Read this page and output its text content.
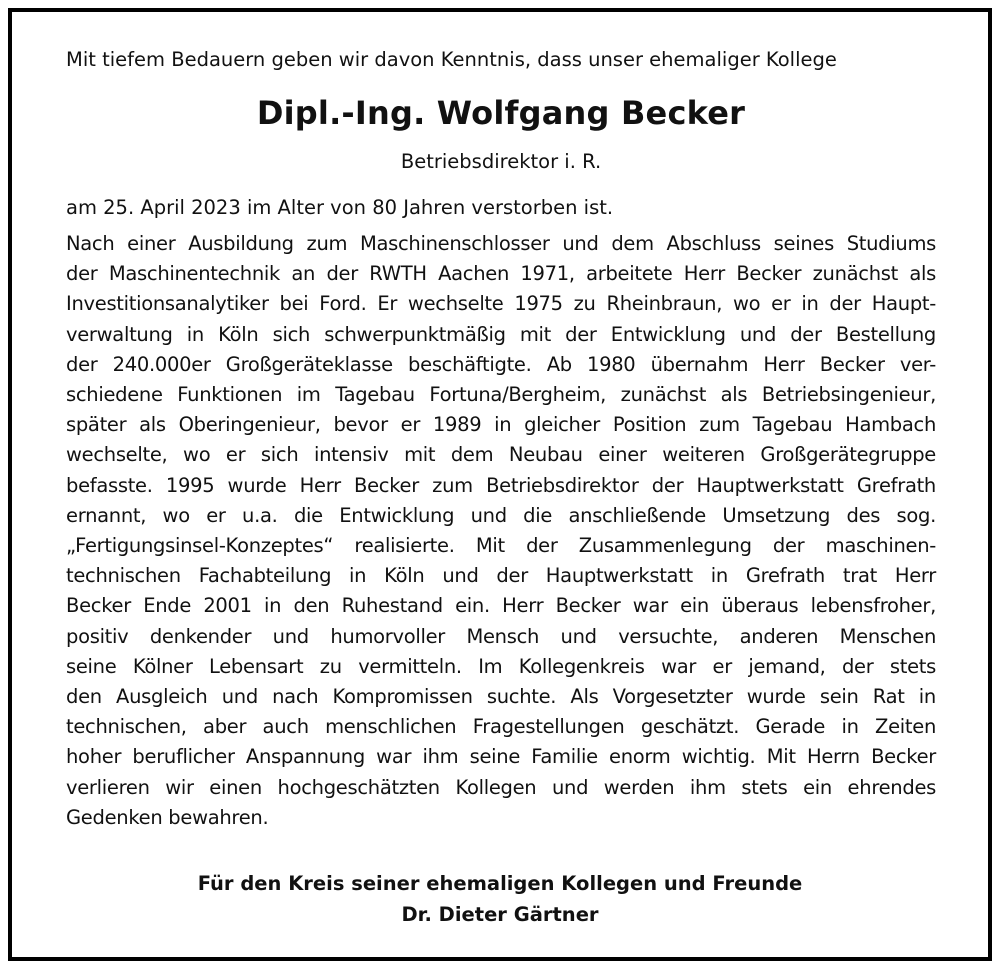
Mit tiefem Bedauern geben wir davon Kenntnis, dass unser ehemaliger Kollege

Dipl.-Ing. Wolfgang Becker

Betriebsdirektor i. R.

am 25. April 2023 im Alter von 80 Jahren verstorben ist.

Nach einer Ausbildung zum Maschinenschlosser und dem Abschluss seines Studiums
der Maschinentechnik an der RWTH Aachen 1971, arbeitete Herr Becker zunächst als
Investitionsanalytiker bei Ford. Er wechselte 1975 zu Rheinbraun, wo er in der Haupt-
verwaltung in Köln sich schwerpunktmäßig mit der Entwicklung und der Bestellung
der 240.000er Großgeräteklasse beschäftigte. Ab 1980 übernahm Herr Becker ver-
schiedene Funktionen im Tagebau Fortuna/Bergheim, zunächst als Betriebsingenieur,
später als Oberingenieur, bevor er 1989 in gleicher Position zum Tagebau Hambach
wechselte, wo er sich intensiv mit dem Neubau einer weiteren Großgerätegruppe
befasste. 1995 wurde Herr Becker zum Betriebsdirektor der Hauptwerkstatt Grefrath
ernannt, wo er u.a. die Entwicklung und die anschließende Umsetzung des sog.
„Fertigungsinsel-Konzeptes“ realisierte. Mit der Zusammenlegung der maschinen-
technischen Fachabteilung in Köln und der Hauptwerkstatt in Grefrath trat Herr
Becker Ende 2001 in den Ruhestand ein. Herr Becker war ein überaus lebensfroher,
positiv denkender und humorvoller Mensch und versuchte, anderen Menschen
seine Kölner Lebensart zu vermitteln. Im Kollegenkreis war er jemand, der stets
den Ausgleich und nach Kompromissen suchte. Als Vorgesetzter wurde sein Rat in
technischen, aber auch menschlichen Fragestellungen geschätzt. Gerade in Zeiten
hoher beruflicher Anspannung war ihm seine Familie enorm wichtig. Mit Herrn Becker
verlieren wir einen hochgeschätzten Kollegen und werden ihm stets ein ehrendes
Gedenken bewahren.

Für den Kreis seiner ehemaligen Kollegen und Freunde

Dr. Dieter Gärtner
